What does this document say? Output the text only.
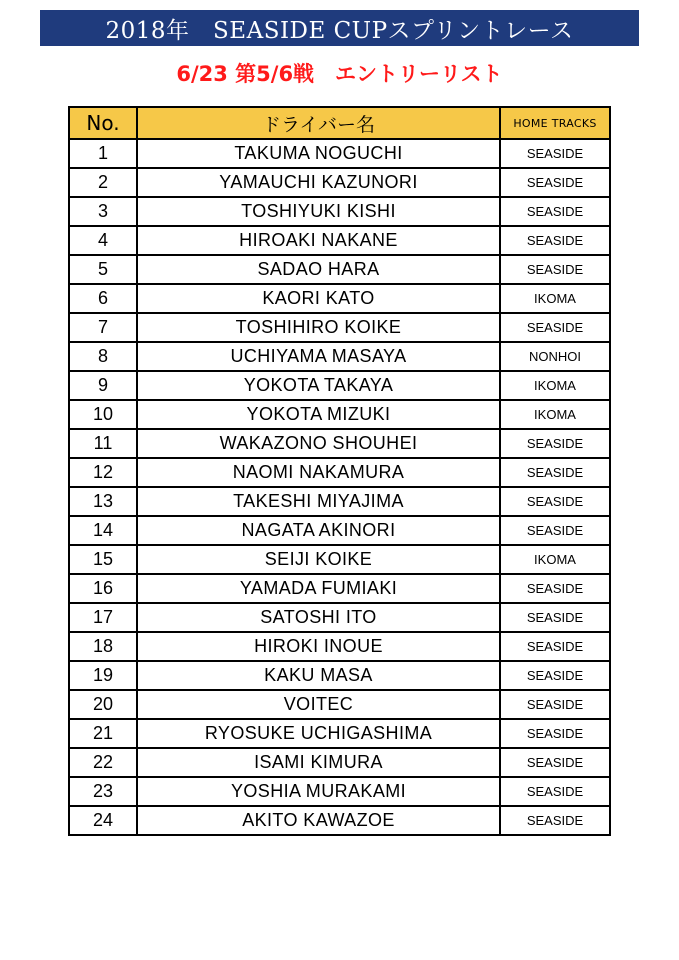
2018年　SEASIDE CUPスプリントレース
6/23 第5/6戦　エントリーリスト
No.	ドライバー名	HOME TRACKS
1	TAKUMA NOGUCHI	SEASIDE
2	YAMAUCHI KAZUNORI	SEASIDE
3	TOSHIYUKI KISHI	SEASIDE
4	HIROAKI NAKANE	SEASIDE
5	SADAO HARA	SEASIDE
6	KAORI KATO	IKOMA
7	TOSHIHIRO KOIKE	SEASIDE
8	UCHIYAMA MASAYA	NONHOI
9	YOKOTA TAKAYA	IKOMA
10	YOKOTA MIZUKI	IKOMA
11	WAKAZONO SHOUHEI	SEASIDE
12	NAOMI NAKAMURA	SEASIDE
13	TAKESHI MIYAJIMA	SEASIDE
14	NAGATA AKINORI	SEASIDE
15	SEIJI KOIKE	IKOMA
16	YAMADA FUMIAKI	SEASIDE
17	SATOSHI ITO	SEASIDE
18	HIROKI INOUE	SEASIDE
19	KAKU MASA	SEASIDE
20	VOITEC	SEASIDE
21	RYOSUKE UCHIGASHIMA	SEASIDE
22	ISAMI KIMURA	SEASIDE
23	YOSHIA MURAKAMI	SEASIDE
24	AKITO KAWAZOE	SEASIDE
